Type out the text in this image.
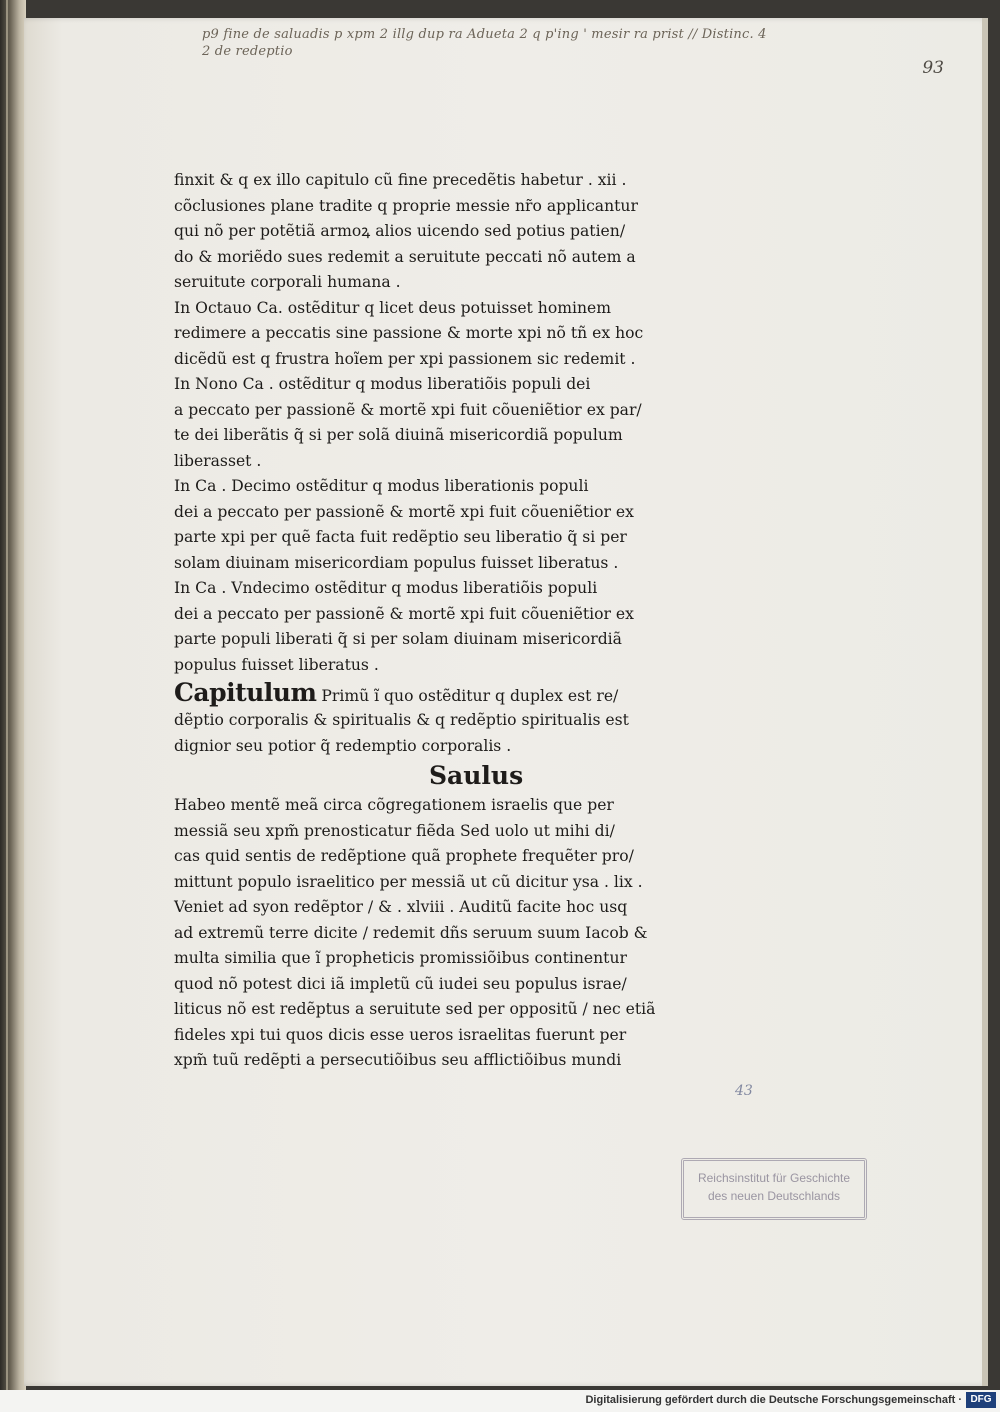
p9 fine de saluadis p xpm 2 illg dup ra Adueta 2 q p'ing ' mesir ra prist // Distinc. 4
2 de redeptio
93
finxit & q ex illo capitulo cũ fine precedẽtis habetur . xii .
cõclusiones plane tradite q proprie messie nr̃o applicantur
qui nõ per potẽtiã armoꝝ alios uicendo sed potius patien/
do & moriẽdo sues redemit a seruitute peccati nõ autem a
seruitute corporali humana .
In Octauo Ca. ostẽditur q licet deus potuisset hominem
redimere a peccatis sine passione & morte xpi nõ tñ ex hoc
dicẽdũ est q frustra hoĩem per xpi passionem sic redemit .
In Nono Ca . ostẽditur q modus liberatiõis populi dei
a peccato per passionẽ & mortẽ xpi fuit cõueniẽtior ex par/
te dei liberãtis q̃ si per solã diuinã misericordiã populum
liberasset .
In Ca . Decimo ostẽditur q modus liberationis populi
dei a peccato per passionẽ & mortẽ xpi fuit cõueniẽtior ex
parte xpi per quẽ facta fuit redẽptio seu liberatio q̃ si per
solam diuinam misericordiam populus fuisset liberatus .
In Ca . Vndecimo ostẽditur q modus liberatiõis populi
dei a peccato per passionẽ & mortẽ xpi fuit cõueniẽtior ex
parte populi liberati q̃ si per solam diuinam misericordiã
populus fuisset liberatus .
Capitulum Primũ ĩ quo ostẽditur q duplex est re/
dẽptio corporalis & spiritualis & q redẽptio spiritualis est
dignior seu potior q̃ redemptio corporalis .
Saulus
Habeo mentẽ meã circa cõgregationem israelis que per
messiã seu xpm̃ prenosticatur fiẽda Sed uolo ut mihi di/
cas quid sentis de redẽptione quã prophete frequẽter pro/
mittunt populo israelitico per messiã ut cũ dicitur ysa . lix .
Veniet ad syon redẽptor / & . xlviii . Auditũ facite hoc usq
ad extremũ terre dicite / redemit dñs seruum suum Iacob &
multa similia que ĩ propheticis promissiõibus continentur
quod nõ potest dici iã impletũ cũ iudei seu populus israe/
liticus nõ est redẽptus a seruitute sed per oppositũ / nec etiã
fideles xpi tui quos dicis esse ueros israelitas fuerunt per
xpm̃ tuũ redẽpti a persecutiõibus seu afflictiõibus mundi
43
Reichsinstitut für Geschichte
des neuen Deutschlands
Digitalisierung gefördert durch die Deutsche Forschungsgemeinschaft · DFG
